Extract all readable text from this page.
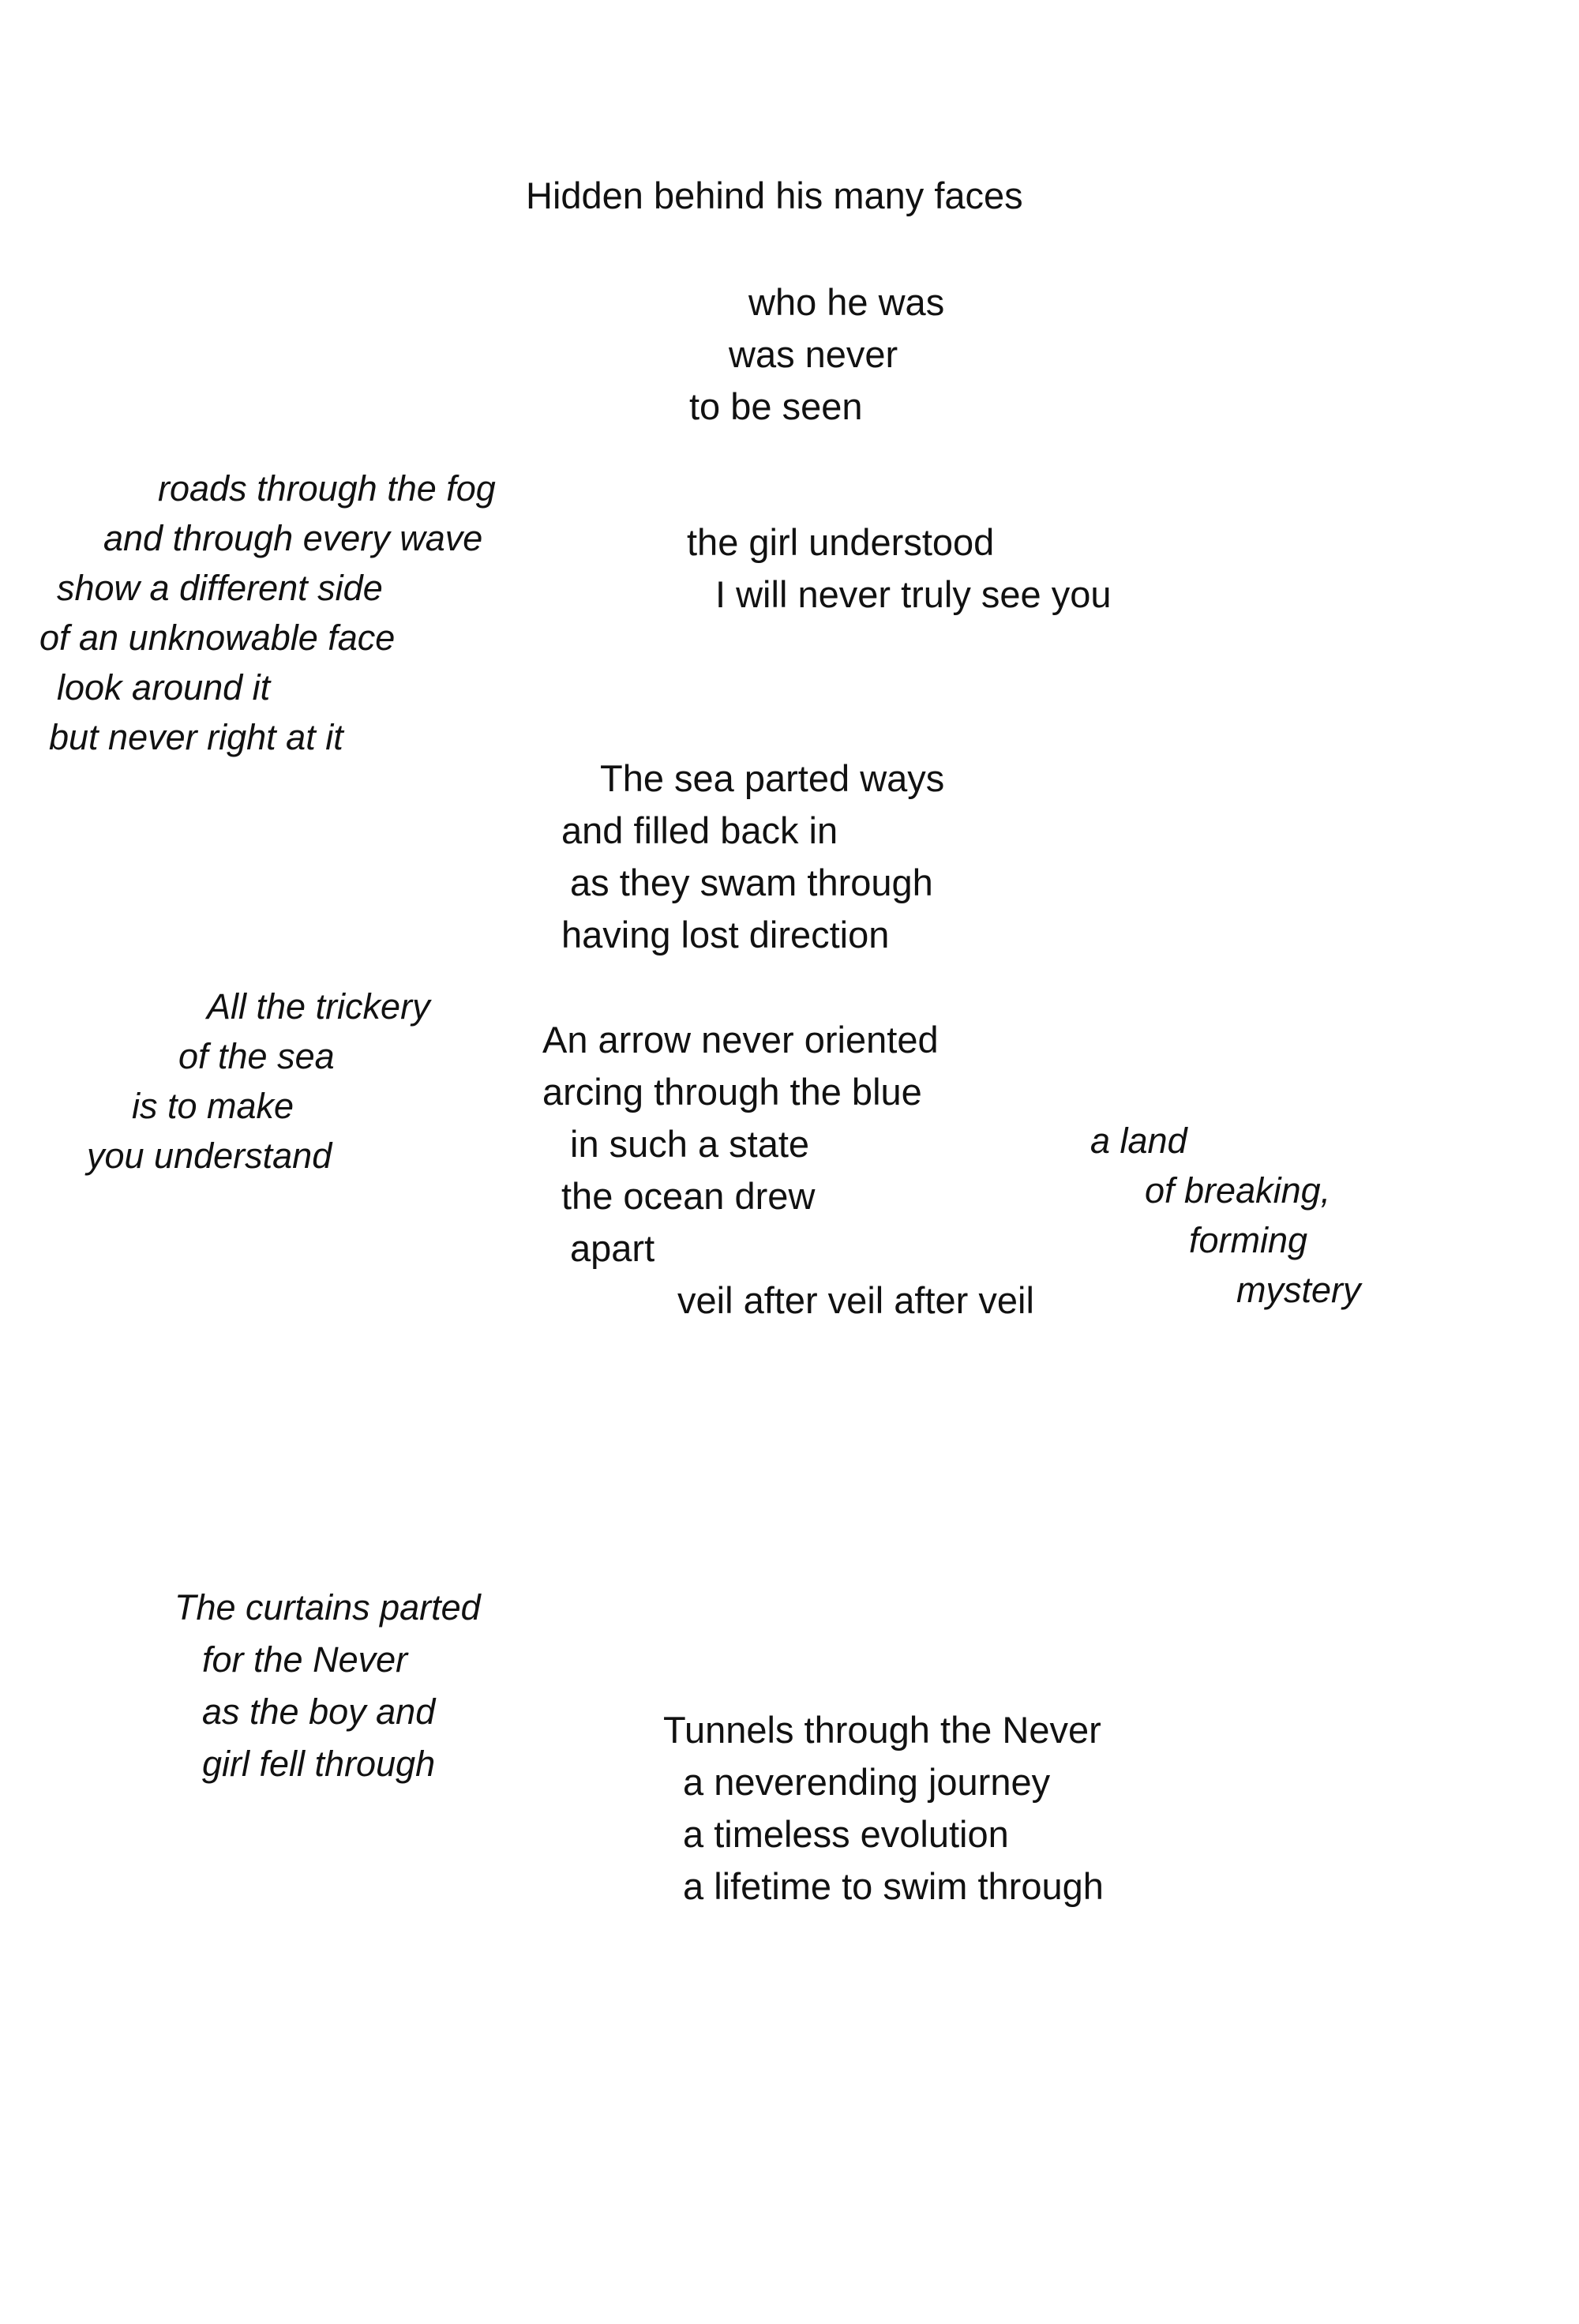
Hidden behind his many faces
who he was
was never
to be seen
roads through the fog
and through every wave
show a different side
of an unknowable face
look around it
but never right at it
the girl understood
I will never truly see you
The sea parted ways
and filled back in
as they swam through
having lost direction
All the trickery
of the sea
is to make
you understand
An arrow never oriented
arcing through the blue
in such a state
the ocean drew
apart
veil after veil after veil
a land
of breaking,
forming
mystery
The curtains parted
for the Never
as the boy and
girl fell through
Tunnels through the Never
a neverending journey
a timeless evolution
a lifetime to swim through
